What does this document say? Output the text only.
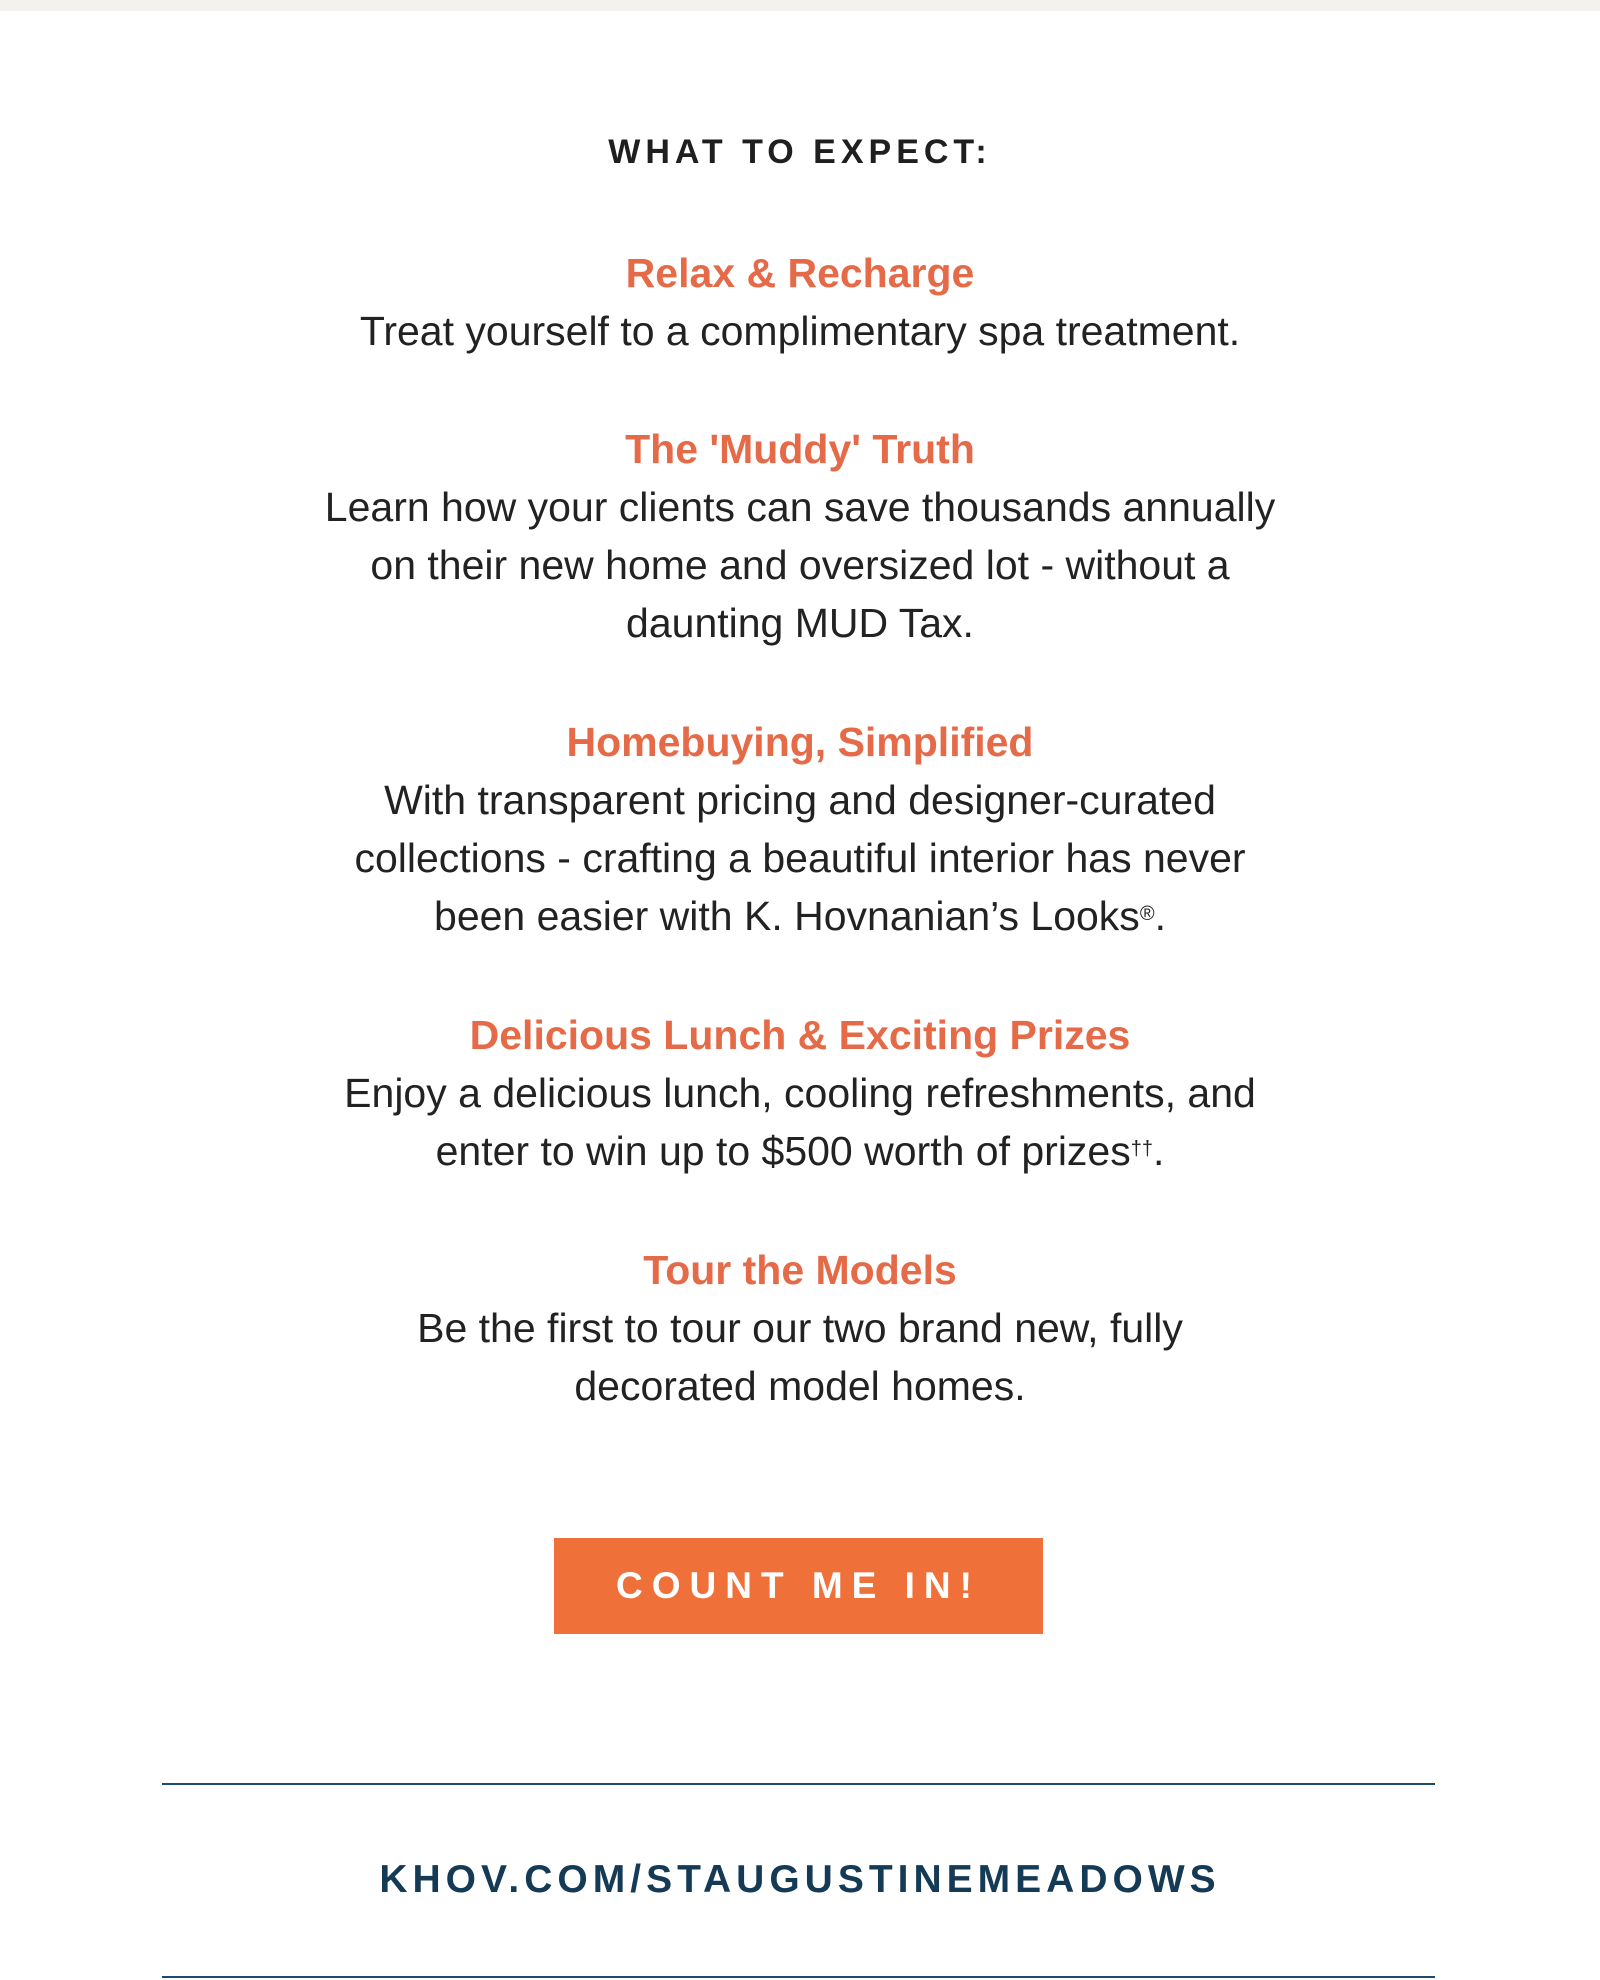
WHAT TO EXPECT:
Relax & Recharge
Treat yourself to a complimentary spa treatment.
The 'Muddy' Truth
Learn how your clients can save thousands annually
on their new home and oversized lot - without a
daunting MUD Tax.
Homebuying, Simplified
With transparent pricing and designer-curated
collections - crafting a beautiful interior has never
been easier with K. Hovnanian’s Looks®.
Delicious Lunch & Exciting Prizes
Enjoy a delicious lunch, cooling refreshments, and
enter to win up to $500 worth of prizes††.
Tour the Models
Be the first to tour our two brand new, fully
decorated model homes.
COUNT ME IN!
KHOV.COM/STAUGUSTINEMEADOWS
